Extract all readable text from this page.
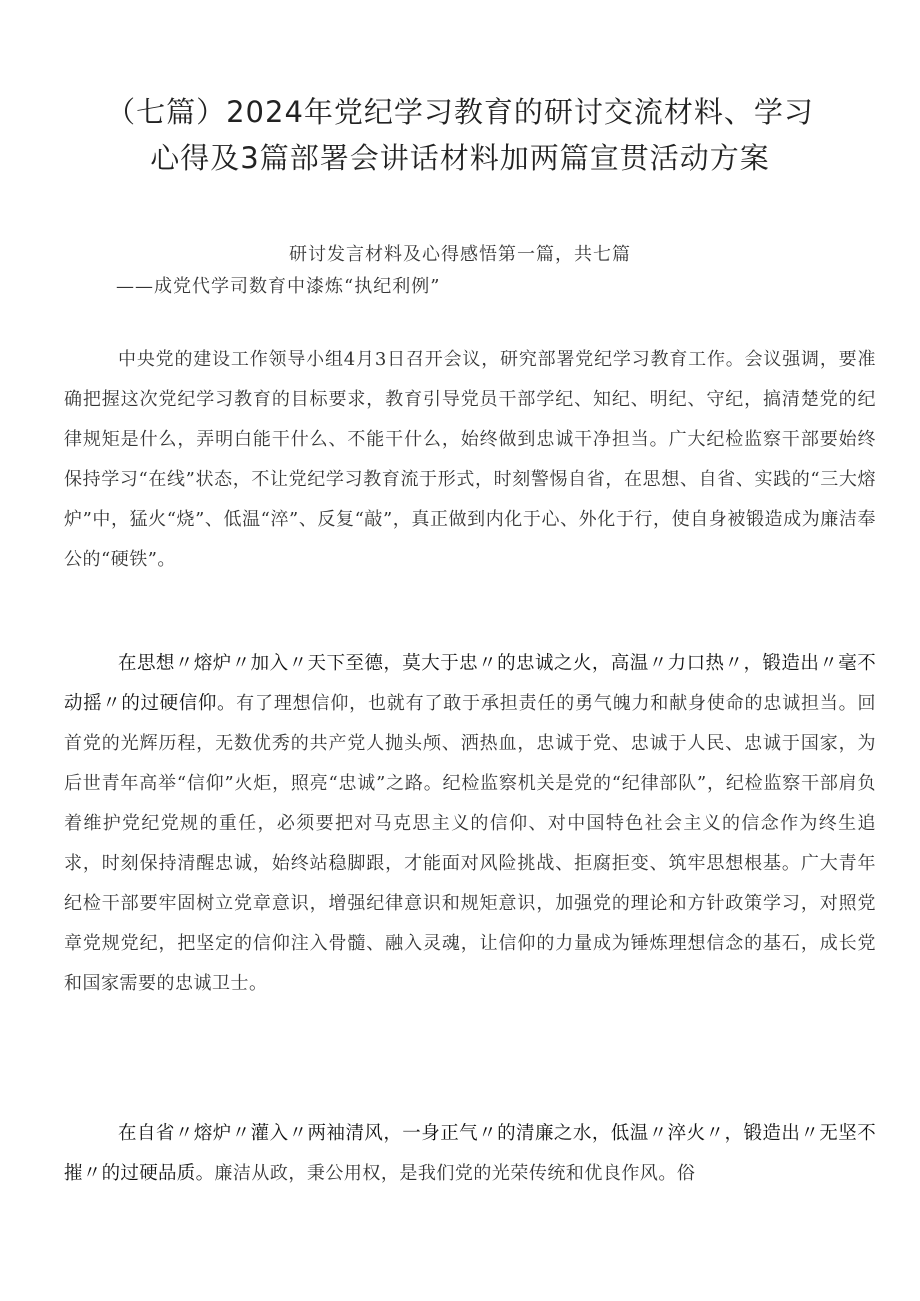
（七篇）2024年党纪学习教育的研讨交流材料、学习
心得及3篇部署会讲话材料加两篇宣贯活动方案
研讨发言材料及心得感悟第一篇，共七篇
——成党代学司数育中漆炼“执纪利例”

中央党的建设工作领导小组4月3日召开会议，研究部署党纪学习教育工作。会议强调，要准确把握这次党纪学习教育的目标要求，教育引导党员干部学纪、知纪、明纪、守纪，搞清楚党的纪律规矩是什么，弄明白能干什么、不能干什么，始终做到忠诚干净担当。广大纪检监察干部要始终保持学习“在线”状态，不让党纪学习教育流于形式，时刻警惕自省，在思想、自省、实践的“三大熔炉”中，猛火“烧”、低温“淬”、反复“敲”，真正做到内化于心、外化于行，使自身被锻造成为廉洁奉公的“硬铁”。

在思想〃熔炉〃加入〃天下至德，莫大于忠〃的忠诚之火，高温〃力口热〃，锻造出〃毫不动摇〃的过硬信仰。有了理想信仰，也就有了敢于承担责任的勇气魄力和献身使命的忠诚担当。回首党的光辉历程，无数优秀的共产党人抛头颅、洒热血，忠诚于党、忠诚于人民、忠诚于国家，为后世青年高举“信仰”火炬，照亮“忠诚”之路。纪检监察机关是党的“纪律部队”，纪检监察干部肩负着维护党纪党规的重任，必须要把对马克思主义的信仰、对中国特色社会主义的信念作为终生追求，时刻保持清醒忠诚，始终站稳脚跟，才能面对风险挑战、拒腐拒变、筑牢思想根基。广大青年纪检干部要牢固树立党章意识，增强纪律意识和规矩意识，加强党的理论和方针政策学习，对照党章党规党纪，把坚定的信仰注入骨髓、融入灵魂，让信仰的力量成为锤炼理想信念的基石，成长党和国家需要的忠诚卫士。

在自省〃熔炉〃灌入〃两袖清风，一身正气〃的清廉之水，低温〃淬火〃，锻造出〃无坚不摧〃的过硬品质。廉洁从政，秉公用权，是我们党的光荣传统和优良作风。俗
